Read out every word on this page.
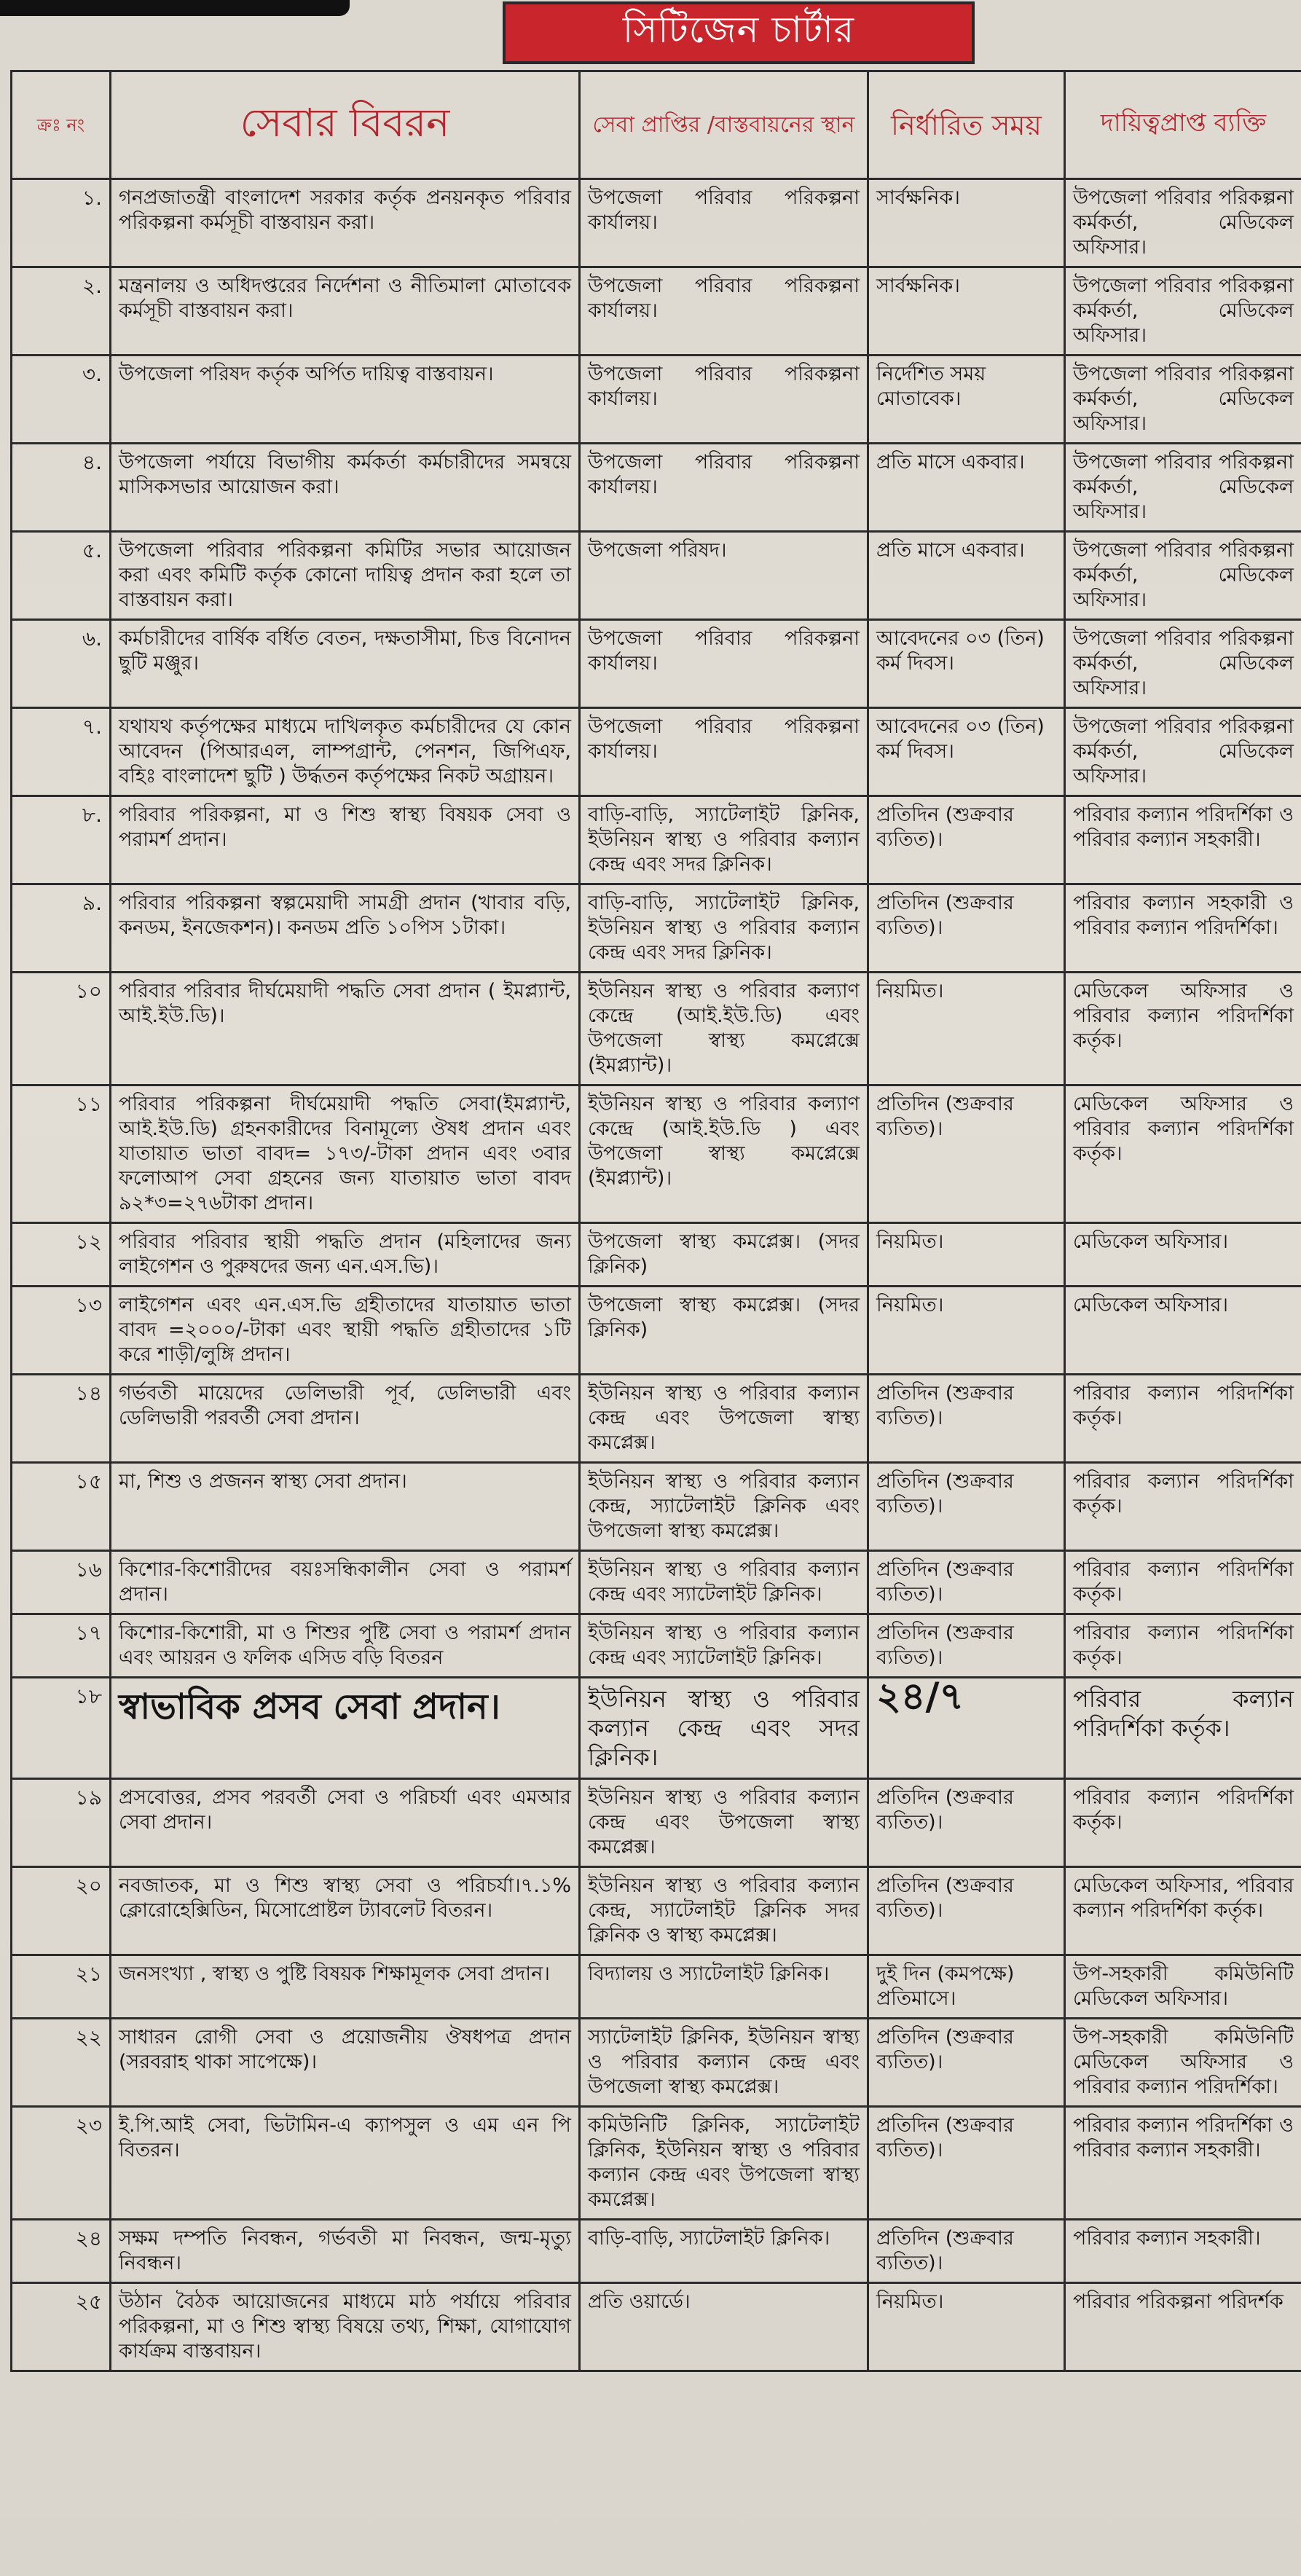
সিটিজেন চার্টার
ক্রঃ নং	সেবার বিবরন	সেবা প্রাপ্তির /বাস্তবায়নের স্থান	নির্ধারিত সময়	দায়িত্বপ্রাপ্ত ব্যক্তি
১.	গনপ্রজাতন্ত্রী বাংলাদেশ সরকার কর্তৃক প্রনয়নকৃত পরিবার পরিকল্পনা কর্মসূচী বাস্তবায়ন করা।	উপজেলা পরিবার পরিকল্পনা কার্যালয়।	সার্বক্ষনিক।	উপজেলা পরিবার পরিকল্পনা কর্মকর্তা, মেডিকেল অফিসার।
২.	মন্ত্রনালয় ও অধিদপ্তরের নির্দেশনা ও নীতিমালা মোতাবেক কর্মসূচী বাস্তবায়ন করা।	উপজেলা পরিবার পরিকল্পনা কার্যালয়।	সার্বক্ষনিক।	উপজেলা পরিবার পরিকল্পনা কর্মকর্তা, মেডিকেল অফিসার।
৩.	উপজেলা পরিষদ কর্তৃক অর্পিত দায়িত্ব বাস্তবায়ন।	উপজেলা পরিবার পরিকল্পনা কার্যালয়।	নির্দেশিত সময় মোতাবেক।	উপজেলা পরিবার পরিকল্পনা কর্মকর্তা, মেডিকেল অফিসার।
৪.	উপজেলা পর্যায়ে বিভাগীয় কর্মকর্তা কর্মচারীদের সমন্বয়ে মাসিকসভার আয়োজন করা।	উপজেলা পরিবার পরিকল্পনা কার্যালয়।	প্রতি মাসে একবার।	উপজেলা পরিবার পরিকল্পনা কর্মকর্তা, মেডিকেল অফিসার।
৫.	উপজেলা পরিবার পরিকল্পনা কমিটির সভার আয়োজন করা এবং কমিটি কর্তৃক কোনো দায়িত্ব প্রদান করা হলে তা বাস্তবায়ন করা।	উপজেলা পরিষদ।	প্রতি মাসে একবার।	উপজেলা পরিবার পরিকল্পনা কর্মকর্তা, মেডিকেল অফিসার।
৬.	কর্মচারীদের বার্ষিক বর্ধিত বেতন, দক্ষতাসীমা, চিত্ত বিনোদন ছুটি মঞ্জুর।	উপজেলা পরিবার পরিকল্পনা কার্যালয়।	আবেদনের ০৩ (তিন) কর্ম দিবস।	উপজেলা পরিবার পরিকল্পনা কর্মকর্তা, মেডিকেল অফিসার।
৭.	যথাযথ কর্তৃপক্ষের মাধ্যমে দাখিলকৃত কর্মচারীদের যে কোন আবেদন (পিআরএল, লাম্পগ্রান্ট, পেনশন, জিপিএফ, বহিঃ বাংলাদেশ ছুটি ) উর্দ্ধতন কর্তৃপক্ষের নিকট অগ্রায়ন।	উপজেলা পরিবার পরিকল্পনা কার্যালয়।	আবেদনের ০৩ (তিন) কর্ম দিবস।	উপজেলা পরিবার পরিকল্পনা কর্মকর্তা, মেডিকেল অফিসার।
৮.	পরিবার পরিকল্পনা, মা ও শিশু স্বাস্থ্য বিষয়ক সেবা ও পরামর্শ প্রদান।	বাড়ি-বাড়ি, স্যাটেলাইট ক্লিনিক, ইউনিয়ন স্বাস্থ্য ও পরিবার কল্যান কেন্দ্র এবং সদর ক্লিনিক।	প্রতিদিন (শুক্রবার ব্যতিত)।	পরিবার কল্যান পরিদর্শিকা ও পরিবার কল্যান সহকারী।
৯.	পরিবার পরিকল্পনা স্বল্পমেয়াদী সামগ্রী প্রদান (খাবার বড়ি, কনডম, ইনজেকশন)। কনডম প্রতি ১০পিস ১টাকা।	বাড়ি-বাড়ি, স্যাটেলাইট ক্লিনিক, ইউনিয়ন স্বাস্থ্য ও পরিবার কল্যান কেন্দ্র এবং সদর ক্লিনিক।	প্রতিদিন (শুক্রবার ব্যতিত)।	পরিবার কল্যান সহকারী ও পরিবার কল্যান পরিদর্শিকা।
১০	পরিবার পরিবার দীর্ঘমেয়াদী পদ্ধতি সেবা প্রদান ( ইমপ্ল্যান্ট, আই.ইউ.ডি)।	ইউনিয়ন স্বাস্থ্য ও পরিবার কল্যাণ কেন্দ্রে (আই.ইউ.ডি) এবং উপজেলা স্বাস্থ্য কমপ্লেক্সে (ইমপ্ল্যান্ট)।	নিয়মিত।	মেডিকেল অফিসার ও পরিবার কল্যান পরিদর্শিকা কর্তৃক।
১১	পরিবার পরিকল্পনা দীর্ঘমেয়াদী পদ্ধতি সেবা(ইমপ্ল্যান্ট, আই.ইউ.ডি) গ্রহনকারীদের বিনামূল্যে ঔষধ প্রদান এবং যাতায়াত ভাতা বাবদ= ১৭৩/-টাকা প্রদান এবং ৩বার ফলোআপ সেবা গ্রহনের জন্য যাতায়াত ভাতা বাবদ ৯২*৩=২৭৬টাকা প্রদান।	ইউনিয়ন স্বাস্থ্য ও পরিবার কল্যাণ কেন্দ্রে (আই.ইউ.ডি ) এবং উপজেলা স্বাস্থ্য কমপ্লেক্সে (ইমপ্ল্যান্ট)।	প্রতিদিন (শুক্রবার ব্যতিত)।	মেডিকেল অফিসার ও পরিবার কল্যান পরিদর্শিকা কর্তৃক।
১২	পরিবার পরিবার স্থায়ী পদ্ধতি প্রদান (মহিলাদের জন্য লাইগেশন ও পুরুষদের জন্য এন.এস.ভি)।	উপজেলা স্বাস্থ্য কমপ্লেক্স। (সদর ক্লিনিক)	নিয়মিত।	মেডিকেল অফিসার।
১৩	লাইগেশন এবং এন.এস.ভি গ্রহীতাদের যাতায়াত ভাতা বাবদ =২০০০/-টাকা এবং স্থায়ী পদ্ধতি গ্রহীতাদের ১টি করে শাড়ী/লুঙ্গি প্রদান।	উপজেলা স্বাস্থ্য কমপ্লেক্স। (সদর ক্লিনিক)	নিয়মিত।	মেডিকেল অফিসার।
১৪	গর্ভবতী মায়েদের ডেলিভারী পূর্ব, ডেলিভারী এবং ডেলিভারী পরবর্তী সেবা প্রদান।	ইউনিয়ন স্বাস্থ্য ও পরিবার কল্যান কেন্দ্র এবং উপজেলা স্বাস্থ্য কমপ্লেক্স।	প্রতিদিন (শুক্রবার ব্যতিত)।	পরিবার কল্যান পরিদর্শিকা কর্তৃক।
১৫	মা, শিশু ও প্রজনন স্বাস্থ্য সেবা প্রদান।	ইউনিয়ন স্বাস্থ্য ও পরিবার কল্যান কেন্দ্র, স্যাটেলাইট ক্লিনিক এবং উপজেলা স্বাস্থ্য কমপ্লেক্স।	প্রতিদিন (শুক্রবার ব্যতিত)।	পরিবার কল্যান পরিদর্শিকা কর্তৃক।
১৬	কিশোর-কিশোরীদের বয়ঃসন্ধিকালীন সেবা ও পরামর্শ প্রদান।	ইউনিয়ন স্বাস্থ্য ও পরিবার কল্যান কেন্দ্র এবং স্যাটেলাইট ক্লিনিক।	প্রতিদিন (শুক্রবার ব্যতিত)।	পরিবার কল্যান পরিদর্শিকা কর্তৃক।
১৭	কিশোর-কিশোরী, মা ও শিশুর পুষ্টি সেবা ও পরামর্শ প্রদান এবং আয়রন ও ফলিক এসিড বড়ি বিতরন	ইউনিয়ন স্বাস্থ্য ও পরিবার কল্যান কেন্দ্র এবং স্যাটেলাইট ক্লিনিক।	প্রতিদিন (শুক্রবার ব্যতিত)।	পরিবার কল্যান পরিদর্শিকা কর্তৃক।
১৮	স্বাভাবিক প্রসব সেবা প্রদান।	ইউনিয়ন স্বাস্থ্য ও পরিবার কল্যান কেন্দ্র এবং সদর ক্লিনিক।	২৪/৭	পরিবার কল্যান পরিদর্শিকা কর্তৃক।
১৯	প্রসবোত্তর, প্রসব পরবর্তী সেবা ও পরিচর্যা এবং এমআর সেবা প্রদান।	ইউনিয়ন স্বাস্থ্য ও পরিবার কল্যান কেন্দ্র এবং উপজেলা স্বাস্থ্য কমপ্লেক্স।	প্রতিদিন (শুক্রবার ব্যতিত)।	পরিবার কল্যান পরিদর্শিকা কর্তৃক।
২০	নবজাতক, মা ও শিশু স্বাস্থ্য সেবা ও পরিচর্যা।৭.১% ক্লোরোহেক্সিডিন, মিসোপ্রোষ্টল ট্যাবলেট বিতরন।	ইউনিয়ন স্বাস্থ্য ও পরিবার কল্যান কেন্দ্র, স্যাটেলাইট ক্লিনিক সদর ক্লিনিক ও স্বাস্থ্য কমপ্লেক্স।	প্রতিদিন (শুক্রবার ব্যতিত)।	মেডিকেল অফিসার, পরিবার কল্যান পরিদর্শিকা কর্তৃক।
২১	জনসংখ্যা , স্বাস্থ্য ও পুষ্টি বিষয়ক শিক্ষামূলক সেবা প্রদান।	বিদ্যালয় ও স্যাটেলাইট ক্লিনিক।	দুই দিন (কমপক্ষে) প্রতিমাসে।	উপ-সহকারী কমিউনিটি মেডিকেল অফিসার।
২২	সাধারন রোগী সেবা ও প্রয়োজনীয় ঔষধপত্র প্রদান (সরবরাহ থাকা সাপেক্ষে)।	স্যাটেলাইট ক্লিনিক, ইউনিয়ন স্বাস্থ্য ও পরিবার কল্যান কেন্দ্র এবং উপজেলা স্বাস্থ্য কমপ্লেক্স।	প্রতিদিন (শুক্রবার ব্যতিত)।	উপ-সহকারী কমিউনিটি মেডিকেল অফিসার ও পরিবার কল্যান পরিদর্শিকা।
২৩	ই.পি.আই সেবা, ভিটামিন-এ ক্যাপসুল ও এম এন পি বিতরন।	কমিউনিটি ক্লিনিক, স্যাটেলাইট ক্লিনিক, ইউনিয়ন স্বাস্থ্য ও পরিবার কল্যান কেন্দ্র এবং উপজেলা স্বাস্থ্য কমপ্লেক্স।	প্রতিদিন (শুক্রবার ব্যতিত)।	পরিবার কল্যান পরিদর্শিকা ও পরিবার কল্যান সহকারী।
২৪	সক্ষম দম্পতি নিবন্ধন, গর্ভবতী মা নিবন্ধন, জন্ম-মৃত্যু নিবন্ধন।	বাড়ি-বাড়ি, স্যাটেলাইট ক্লিনিক।	প্রতিদিন (শুক্রবার ব্যতিত)।	পরিবার কল্যান সহকারী।
২৫	উঠান বৈঠক আয়োজনের মাধ্যমে মাঠ পর্যায়ে পরিবার পরিকল্পনা, মা ও শিশু স্বাস্থ্য বিষয়ে তথ্য, শিক্ষা, যোগাযোগ কার্যক্রম বাস্তবায়ন।	প্রতি ওয়ার্ডে।	নিয়মিত।	পরিবার পরিকল্পনা পরিদর্শক
